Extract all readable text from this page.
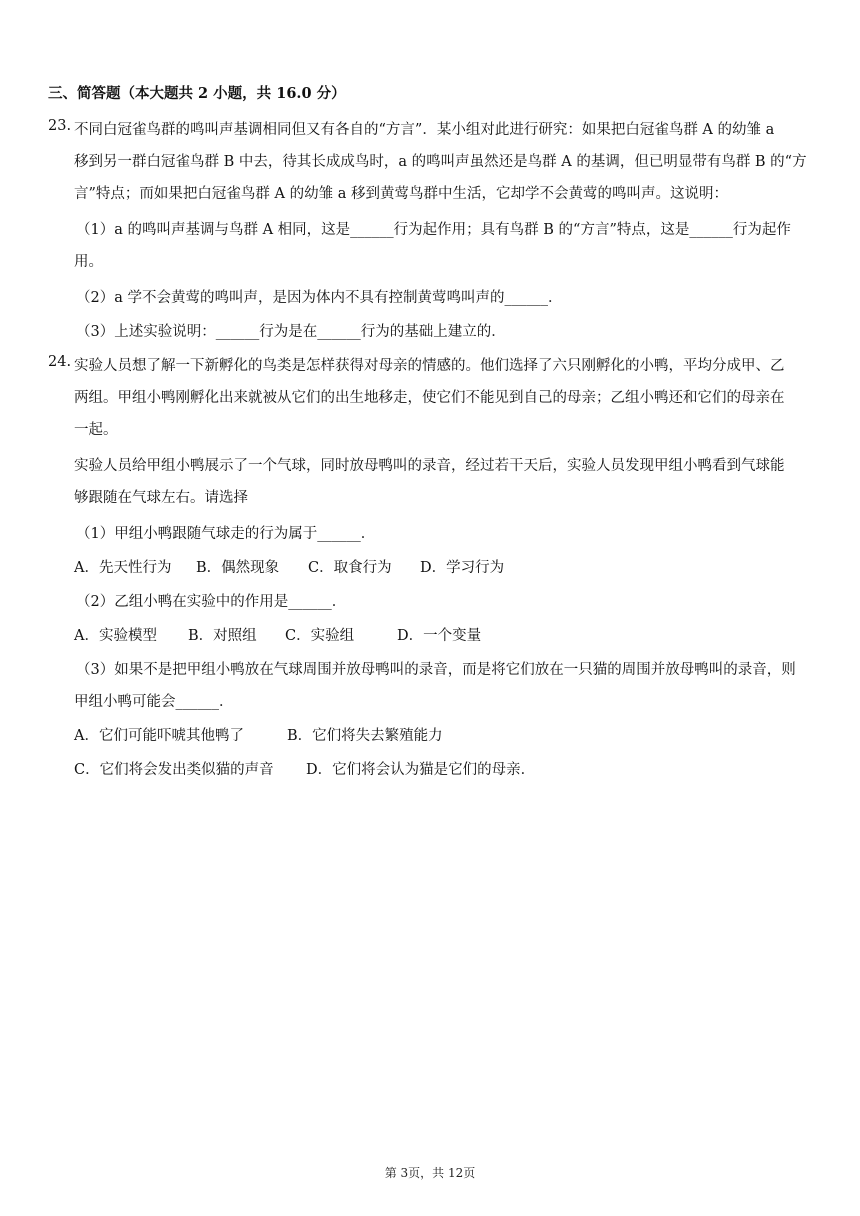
三、简答题（本大题共 2 小题，共 16.0 分）
23. 不同白冠雀鸟群的鸣叫声基调相同但又有各自的“方言”．某小组对此进行研究：如果把白冠雀鸟群 A 的幼雏 a
移到另一群白冠雀鸟群 B 中去，待其长成成鸟时，a 的鸣叫声虽然还是鸟群 A 的基调，但已明显带有鸟群 B 的“方
言”特点；而如果把白冠雀鸟群 A 的幼雏 a 移到黄莺鸟群中生活，它却学不会黄莺的鸣叫声。这说明：
（1）a 的鸣叫声基调与鸟群 A 相同，这是______行为起作用；具有鸟群 B 的“方言”特点，这是______行为起作
用。
（2）a 学不会黄莺的鸣叫声，是因为体内不具有控制黄莺鸣叫声的______．
（3）上述实验说明：______行为是在______行为的基础上建立的．
24. 实验人员想了解一下新孵化的鸟类是怎样获得对母亲的情感的。他们选择了六只刚孵化的小鸭，平均分成甲、乙
两组。甲组小鸭刚孵化出来就被从它们的出生地移走，使它们不能见到自己的母亲；乙组小鸭还和它们的母亲在
一起。
实验人员给甲组小鸭展示了一个气球，同时放母鸭叫的录音，经过若干天后，实验人员发现甲组小鸭看到气球能
够跟随在气球左右。请选择
（1）甲组小鸭跟随气球走的行为属于______．
A．先天性行为 B．偶然现象 C．取食行为 D．学习行为
（2）乙组小鸭在实验中的作用是______．
A．实验模型 B．对照组 C．实验组	D．一个变量
（3）如果不是把甲组小鸭放在气球周围并放母鸭叫的录音，而是将它们放在一只猫的周围并放母鸭叫的录音，则
甲组小鸭可能会______．
A．它们可能吓唬其他鸭了	B．它们将失去繁殖能力
C．它们将会发出类似猫的声音 D．它们将会认为猫是它们的母亲．
第 3页，共 12页
